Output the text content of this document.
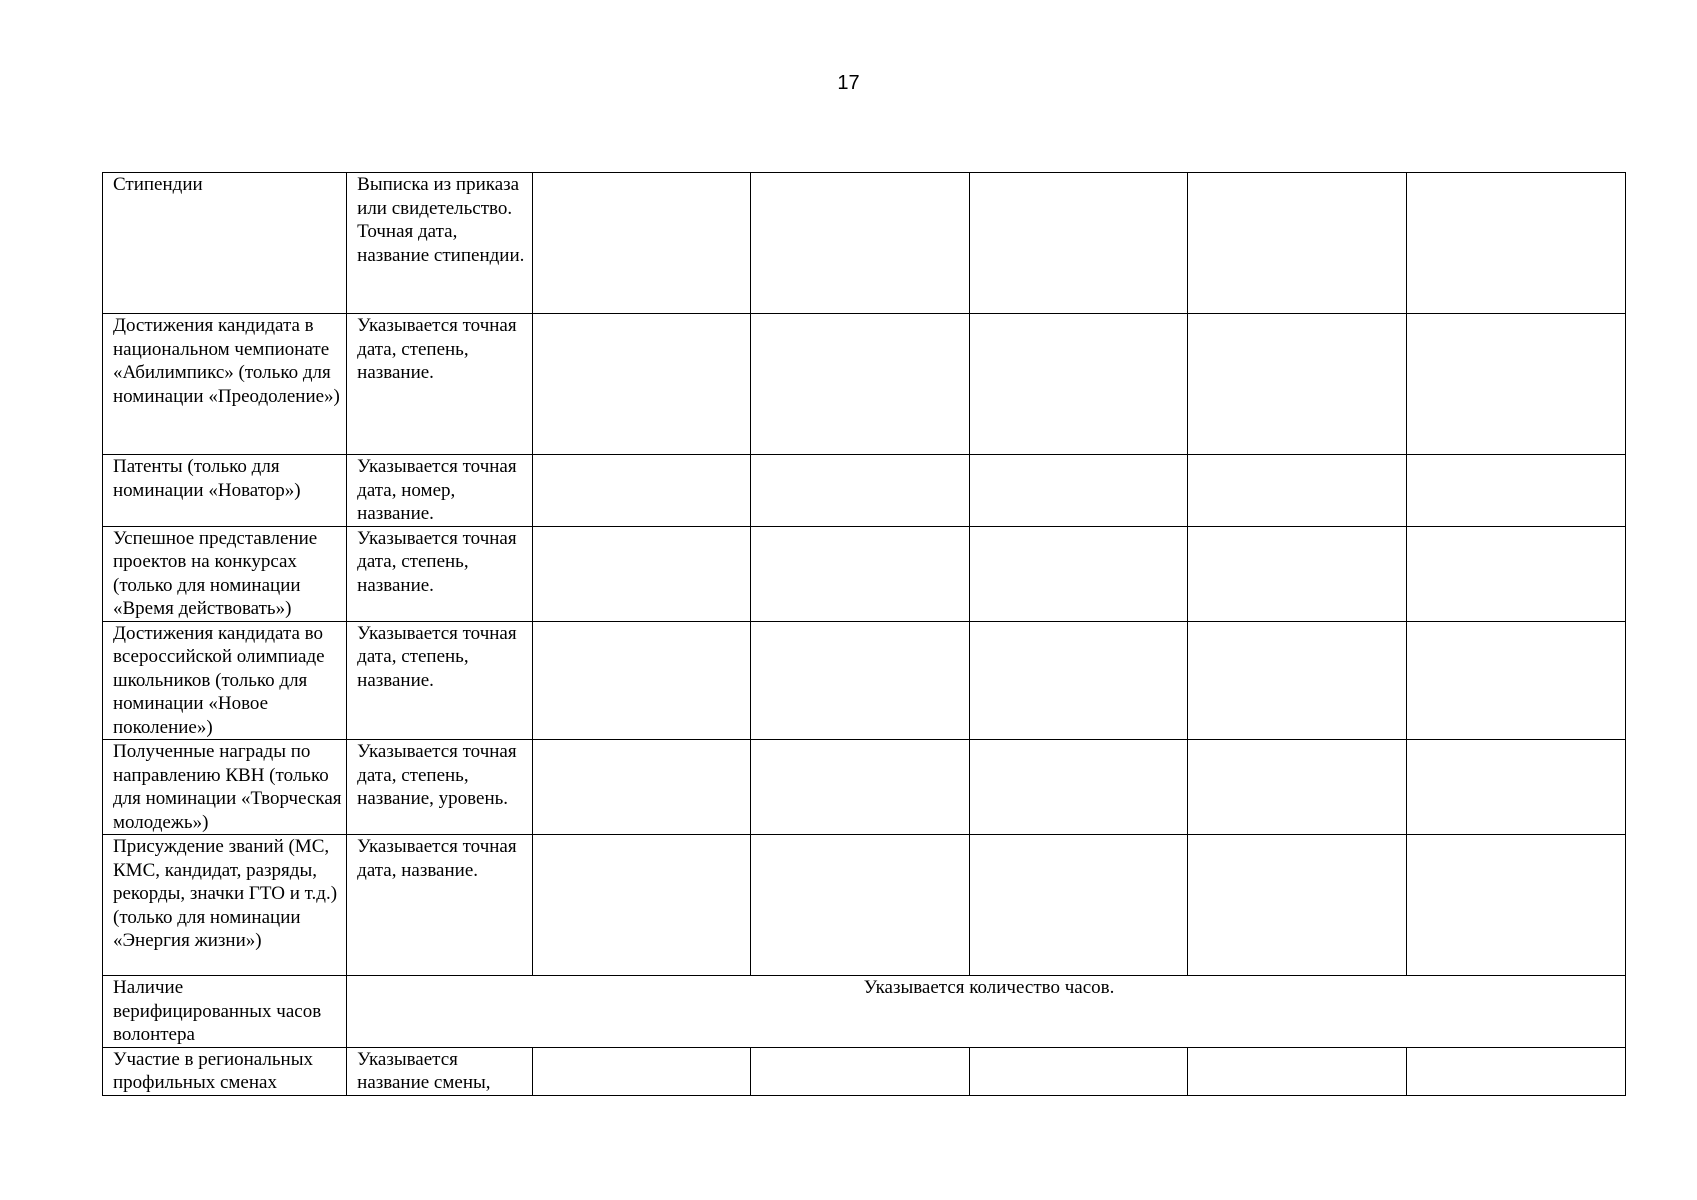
17
Стипендии	Выписка из приказа или свидетельство. Точная дата, название стипендии.					
Достижения кандидата в национальном чемпионате «Абилимпикс» (только для номинации «Преодоление»)	Указывается точная дата, степень, название.					
Патенты (только для номинации «Новатор»)	Указывается точная дата, номер, название.					
Успешное представление проектов на конкурсах (только для номинации «Время действовать»)	Указывается точная дата, степень, название.					
Достижения кандидата во всероссийской олимпиаде школьников (только для номинации «Новое поколение»)	Указывается точная дата, степень, название.					
Полученные награды по направлению КВН (только для номинации «Творческая молодежь»)	Указывается точная дата, степень, название, уровень.					
Присуждение званий (МС, КМС, кандидат, разряды, рекорды, значки ГТО и т.д.) (только для номинации «Энергия жизни»)	Указывается точная дата, название.					
Наличие верифицированных часов волонтера	Указывается количество часов.					
Участие в региональных профильных сменах	Указывается название смены,					
